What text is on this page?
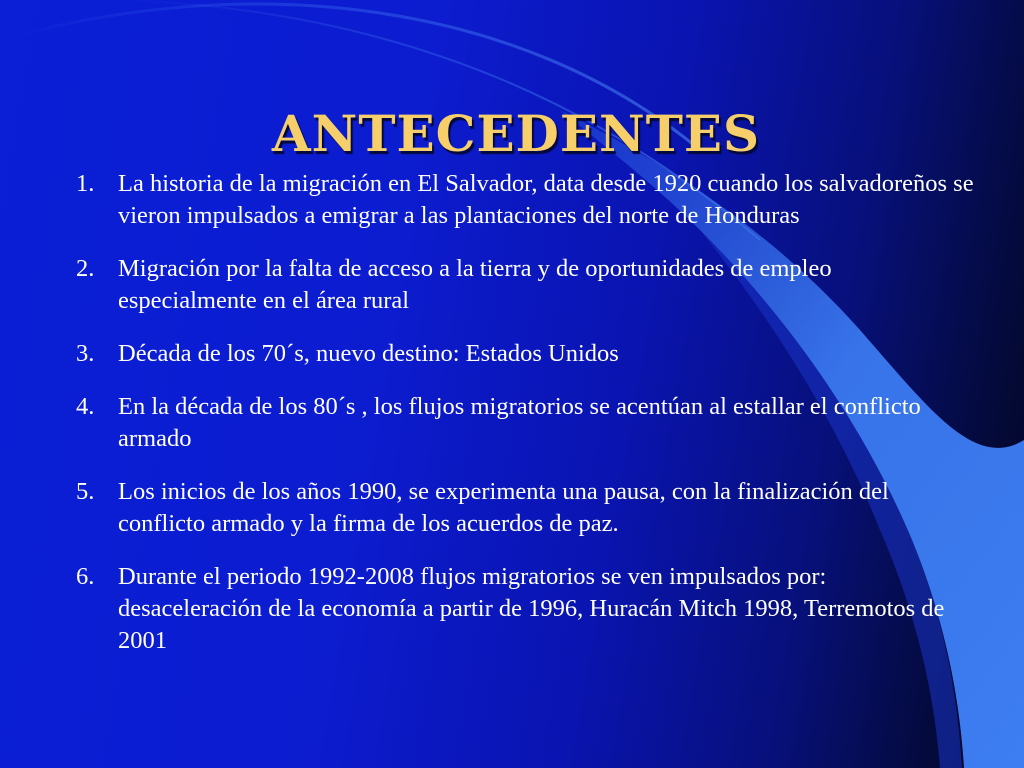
ANTECEDENTES
1. La historia de la migración en El Salvador, data desde 1920 cuando los salvadoreños se vieron impulsados a emigrar a las plantaciones del norte de Honduras
2. Migración por la falta de acceso a la tierra y de oportunidades de empleo especialmente en el área rural
3. Década de los 70´s, nuevo destino: Estados Unidos
4. En la década de los 80´s , los flujos migratorios se acentúan al estallar el conflicto armado
5. Los inicios de los años 1990, se experimenta una pausa, con la finalización del conflicto armado y la firma de los acuerdos de paz.
6. Durante el periodo 1992-2008 flujos migratorios se ven impulsados por: desaceleración de la economía a partir de 1996, Huracán Mitch 1998, Terremotos de 2001
